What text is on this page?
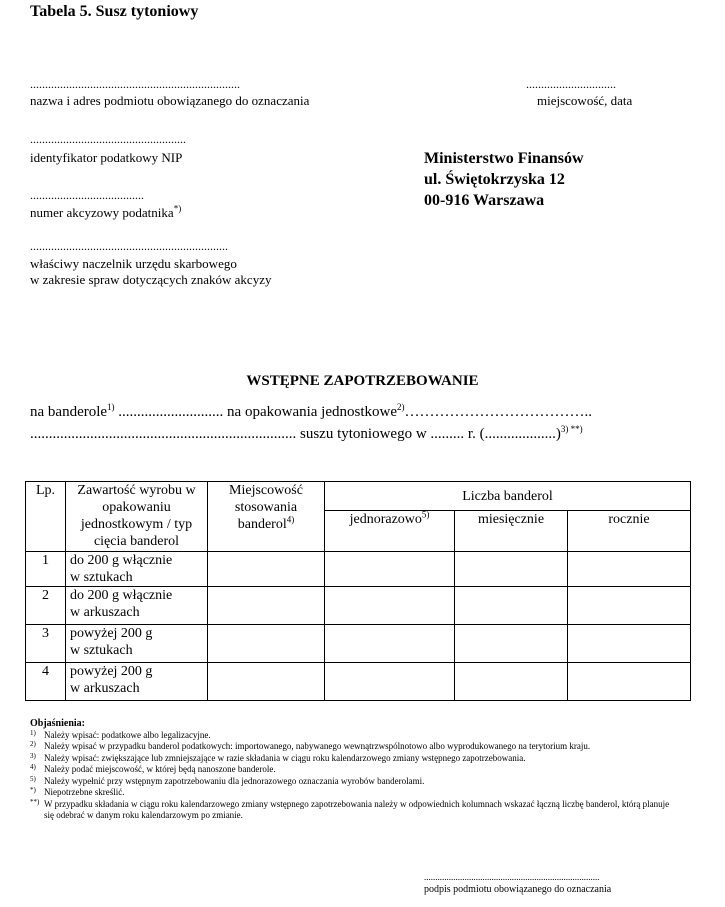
Tabela 5. Susz tytoniowy
......................................................................
nazwa i adres podmiotu obowiązanego do oznaczania
..............................
miejscowość, data
....................................................
identyfikator podatkowy NIP
......................................
numer akcyzowy podatnika*)
..................................................................
właściwy naczelnik urzędu skarbowego
w zakresie spraw dotyczących znaków akcyzy
Ministerstwo Finansów
ul. Świętokrzyska 12
00-916 Warszawa
WSTĘPNE ZAPOTRZEBOWANIE
na banderole$^{1)}$ ............................ na opakowania jednostkowe$^{2)}$………………………………..
....................................................................... suszu tytoniowego w ......... r. (...................)$^{3) **)}$
Lp.	Zawartość wyrobu w opakowaniu jednostkowym / typ cięcia banderol	Miejscowość stosowania banderol$^{4)}$	Liczba banderol		
			jednorazowo$^{5)}$	miesięcznie	rocznie
1	do 200 g włącznie
w sztukach				

2	do 200 g włącznie
w arkuszach				

3	powyżej 200 g
w sztukach				

4	powyżej 200 g
w arkuszach				

Objaśnienia:
1) Należy wpisać: podatkowe albo legalizacyjne.
2) Należy wpisać w przypadku banderol podatkowych: importowanego, nabywanego wewnątrzwspólnotowo albo wyprodukowanego na terytorium kraju.
3) Należy wpisać: zwiększające lub zmniejszające w razie składania w ciągu roku kalendarzowego zmiany wstępnego zapotrzebowania.
4) Należy podać miejscowość, w której będą nanoszone banderole.
5) Należy wypełnić przy wstępnym zapotrzebowaniu dla jednorazowego oznaczania wyrobów banderolami.
*) Niepotrzebne skreślić.
**) W przypadku składania w ciągu roku kalendarzowego zmiany wstępnego zapotrzebowania należy w odpowiednich kolumnach wskazać łączną liczbę banderol, którą planuje się odebrać w danym roku kalendarzowym po zmianie.
..............................................................................
podpis podmiotu obowiązanego do oznaczania
